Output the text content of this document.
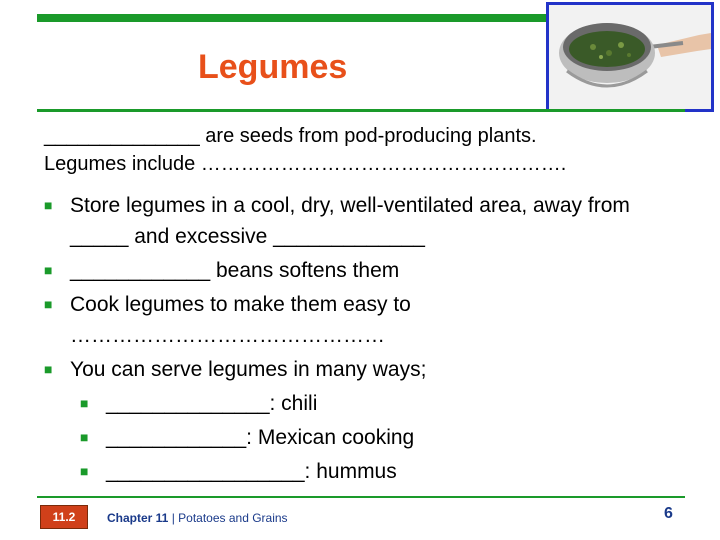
Legumes

______________ are seeds from pod-producing plants.

Legumes include ……………………………………………….

■ Store legumes in a cool, dry, well-ventilated area, away from _____ and excessive _____________
■ ____________ beans softens them
■ Cook legumes to make them easy to ………………………………………
■ You can serve legumes in many ways;
■ ______________: chili
■ ____________: Mexican cooking
■ _________________: hummus
11.2	Chapter 11 | Potatoes and Grains	6
